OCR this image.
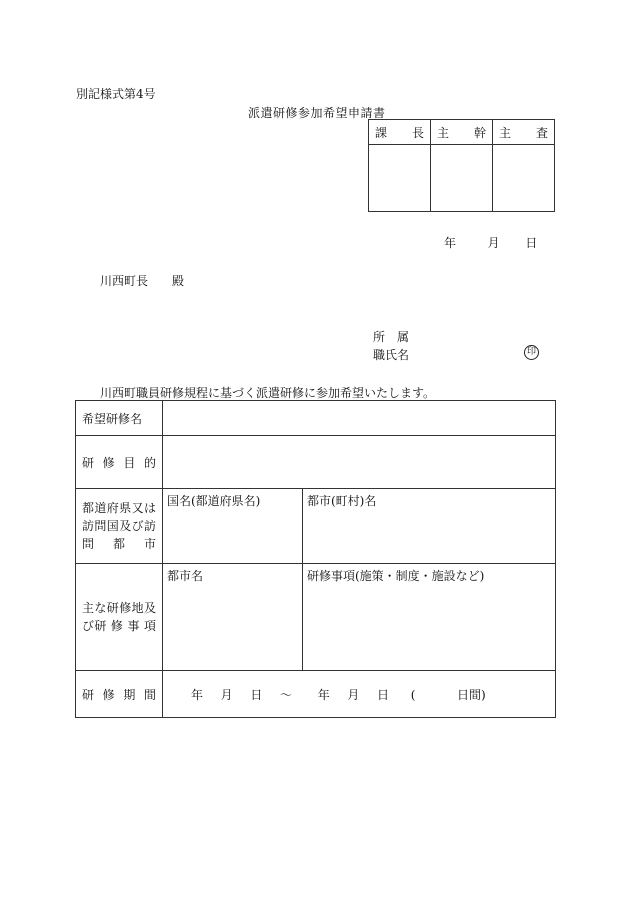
別記様式第4号
派遣研修参加希望申請書
課 長	主 幹	主 査

年	月 日
川西町長　　殿
所　属
職氏名	印
川西町職員研修規程に基づく派遣研修に参加希望いたします。
希望研修名		
研 修 目 的		
都道府県又は訪問国及び訪問都市	国名(都道府県名)	都市(町村)名

主な研修地及　　び研 修 事 項	都市名	研修事項(施策・制度・施設など)

研 修 期 間	年 月 日 〜 年 月 日 ( 日間)	
